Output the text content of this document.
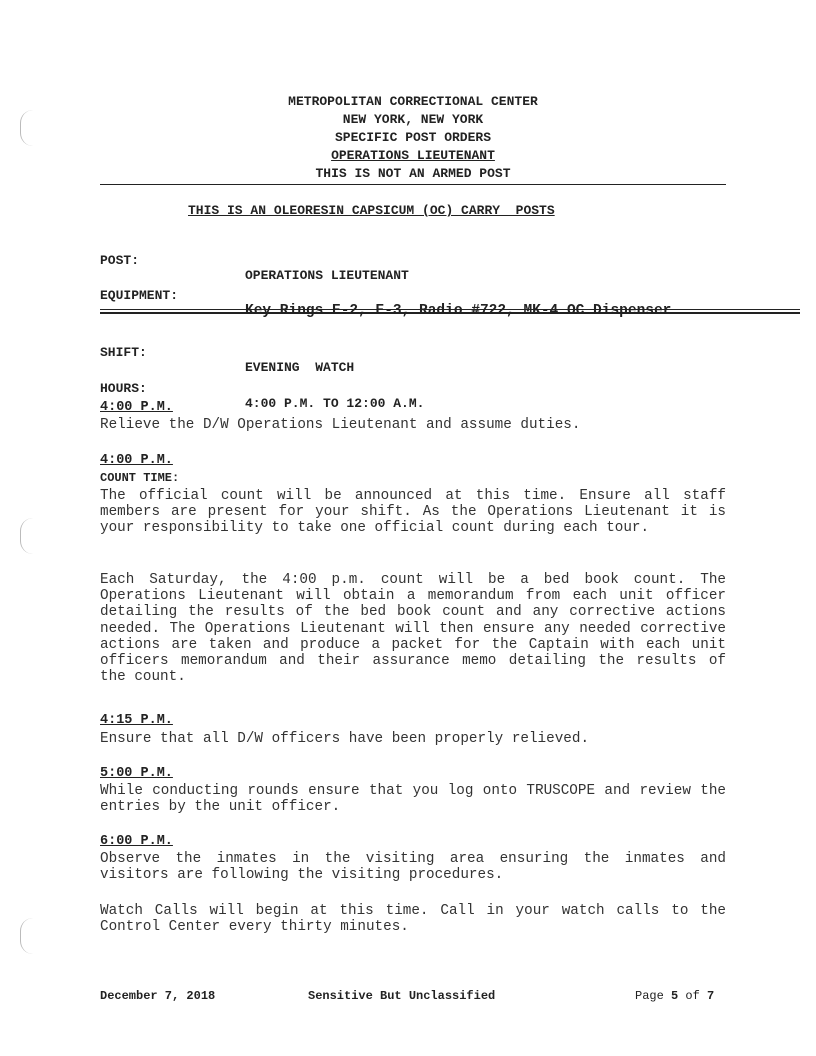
METROPOLITAN CORRECTIONAL CENTER
NEW YORK, NEW YORK
SPECIFIC POST ORDERS
OPERATIONS LIEUTENANT
THIS IS NOT AN ARMED POST
THIS IS AN OLEORESIN CAPSICUM (OC) CARRY  POSTS

POST:

OPERATIONS LIEUTENANT

EQUIPMENT:

Key Rings E-2, E-3, Radio #722, MK-4 OC Dispenser

SHIFT:

EVENING  WATCH

HOURS:

4:00 P.M. TO 12:00 A.M.

4:00 P.M.
Relieve the D/W Operations Lieutenant and assume duties.
4:00 P.M.
COUNT TIME:
The official count will be announced at this time. Ensure all staff members are present for your shift. As the Operations Lieutenant it is your responsibility to take one official count during each tour.
Each Saturday, the 4:00 p.m. count will be a bed book count. The Operations Lieutenant will obtain a memorandum from each unit officer detailing the results of the bed book count and any corrective actions needed. The Operations Lieutenant will then ensure any needed corrective actions are taken and produce a packet for the Captain with each unit officers memorandum and their assurance memo detailing the results of the count.
4:15 P.M.
Ensure that all D/W officers have been properly relieved.
5:00 P.M.
While conducting rounds ensure that you log onto TRUSCOPE and review the entries by the unit officer.
6:00 P.M.
Observe the inmates in the visiting area ensuring the inmates and visitors are following the visiting procedures.
Watch Calls will begin at this time. Call in your watch calls to the Control Center every thirty minutes.
December 7, 2018	Sensitive But Unclassified	Page 5 of 7
